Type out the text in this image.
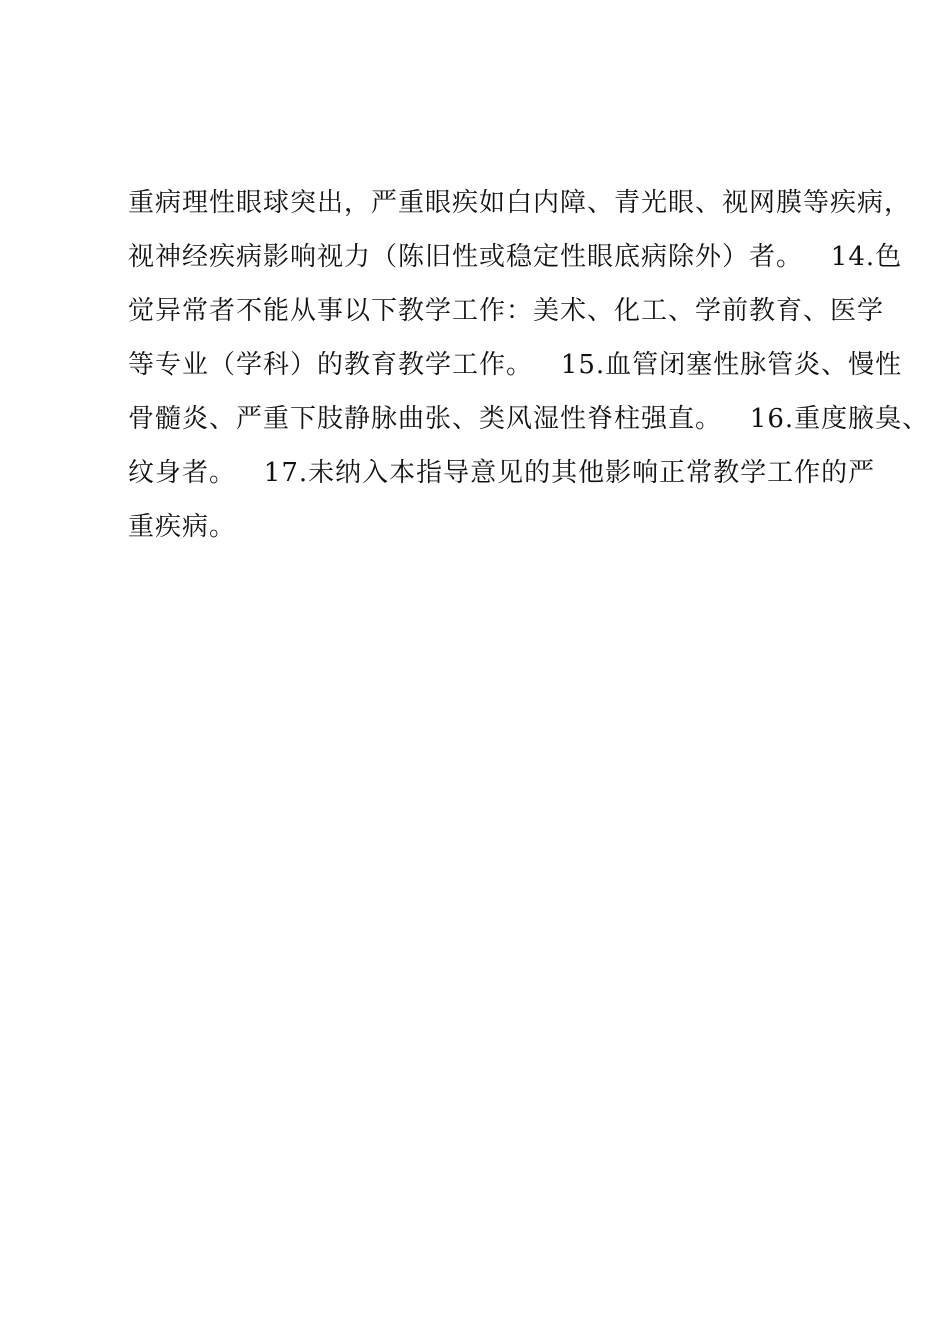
重病理性眼球突出，严重眼疾如白内障、青光眼、视网膜等疾病，
视神经疾病影响视力（陈旧性或稳定性眼底病除外）者。   14.色
觉异常者不能从事以下教学工作：美术、化工、学前教育、医学
等专业（学科）的教育教学工作。   15.血管闭塞性脉管炎、慢性
骨髓炎、严重下肢静脉曲张、类风湿性脊柱强直。   16.重度腋臭、
纹身者。   17.未纳入本指导意见的其他影响正常教学工作的严
重疾病。
